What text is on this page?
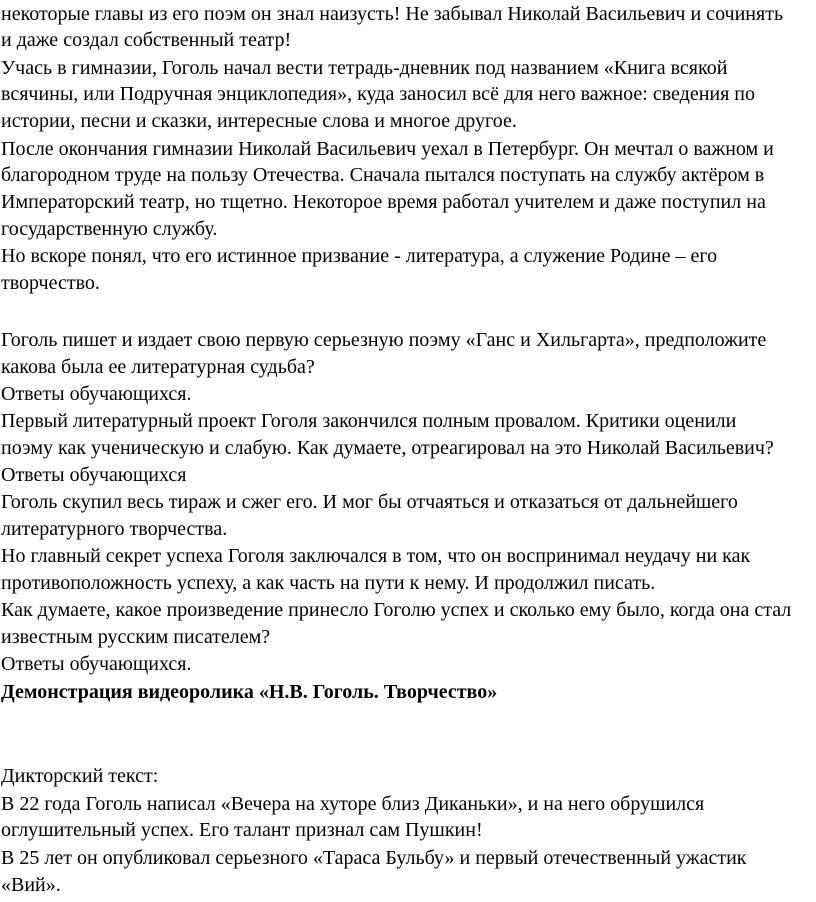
некоторые главы из его поэм он знал наизусть! Не забывал Николай Васильевич и сочинять
и даже создал собственный театр!
Учась в гимназии, Гоголь начал вести тетрадь-дневник под названием «Книга всякой
всячины, или Подручная энциклопедия», куда заносил всё для него важное: сведения по
истории, песни и сказки, интересные слова и многое другое.
После окончания гимназии Николай Васильевич уехал в Петербург. Он мечтал о важном и
благородном труде на пользу Отечества. Сначала пытался поступать на службу актёром в
Императорский театр, но тщетно. Некоторое время работал учителем и даже поступил на
государственную службу.
Но вскоре понял, что его истинное призвание - литература, а служение Родине – его
творчество.
Гоголь пишет и издает свою первую серьезную поэму «Ганс и Хильгарта», предположите
какова была ее литературная судьба?
Ответы обучающихся.
Первый литературный проект Гоголя закончился полным провалом. Критики оценили
поэму как ученическую и слабую. Как думаете, отреагировал на это Николай Васильевич?
Ответы обучающихся
Гоголь скупил весь тираж и сжег его. И мог бы отчаяться и отказаться от дальнейшего
литературного творчества.
Но главный секрет успеха Гоголя заключался в том, что он воспринимал неудачу ни как
противоположность успеху, а как часть на пути к нему. И продолжил писать.
Как думаете, какое произведение принесло Гоголю успех и сколько ему было, когда она стал
известным русским писателем?
Ответы обучающихся.
Демонстрация видеоролика «Н.В. Гоголь. Творчество»
Дикторский текст:
В 22 года Гоголь написал «Вечера на хуторе близ Диканьки», и на него обрушился
оглушительный успех. Его талант признал сам Пушкин!
В 25 лет он опубликовал серьезного «Тараса Бульбу» и первый отечественный ужастик
«Вий».
